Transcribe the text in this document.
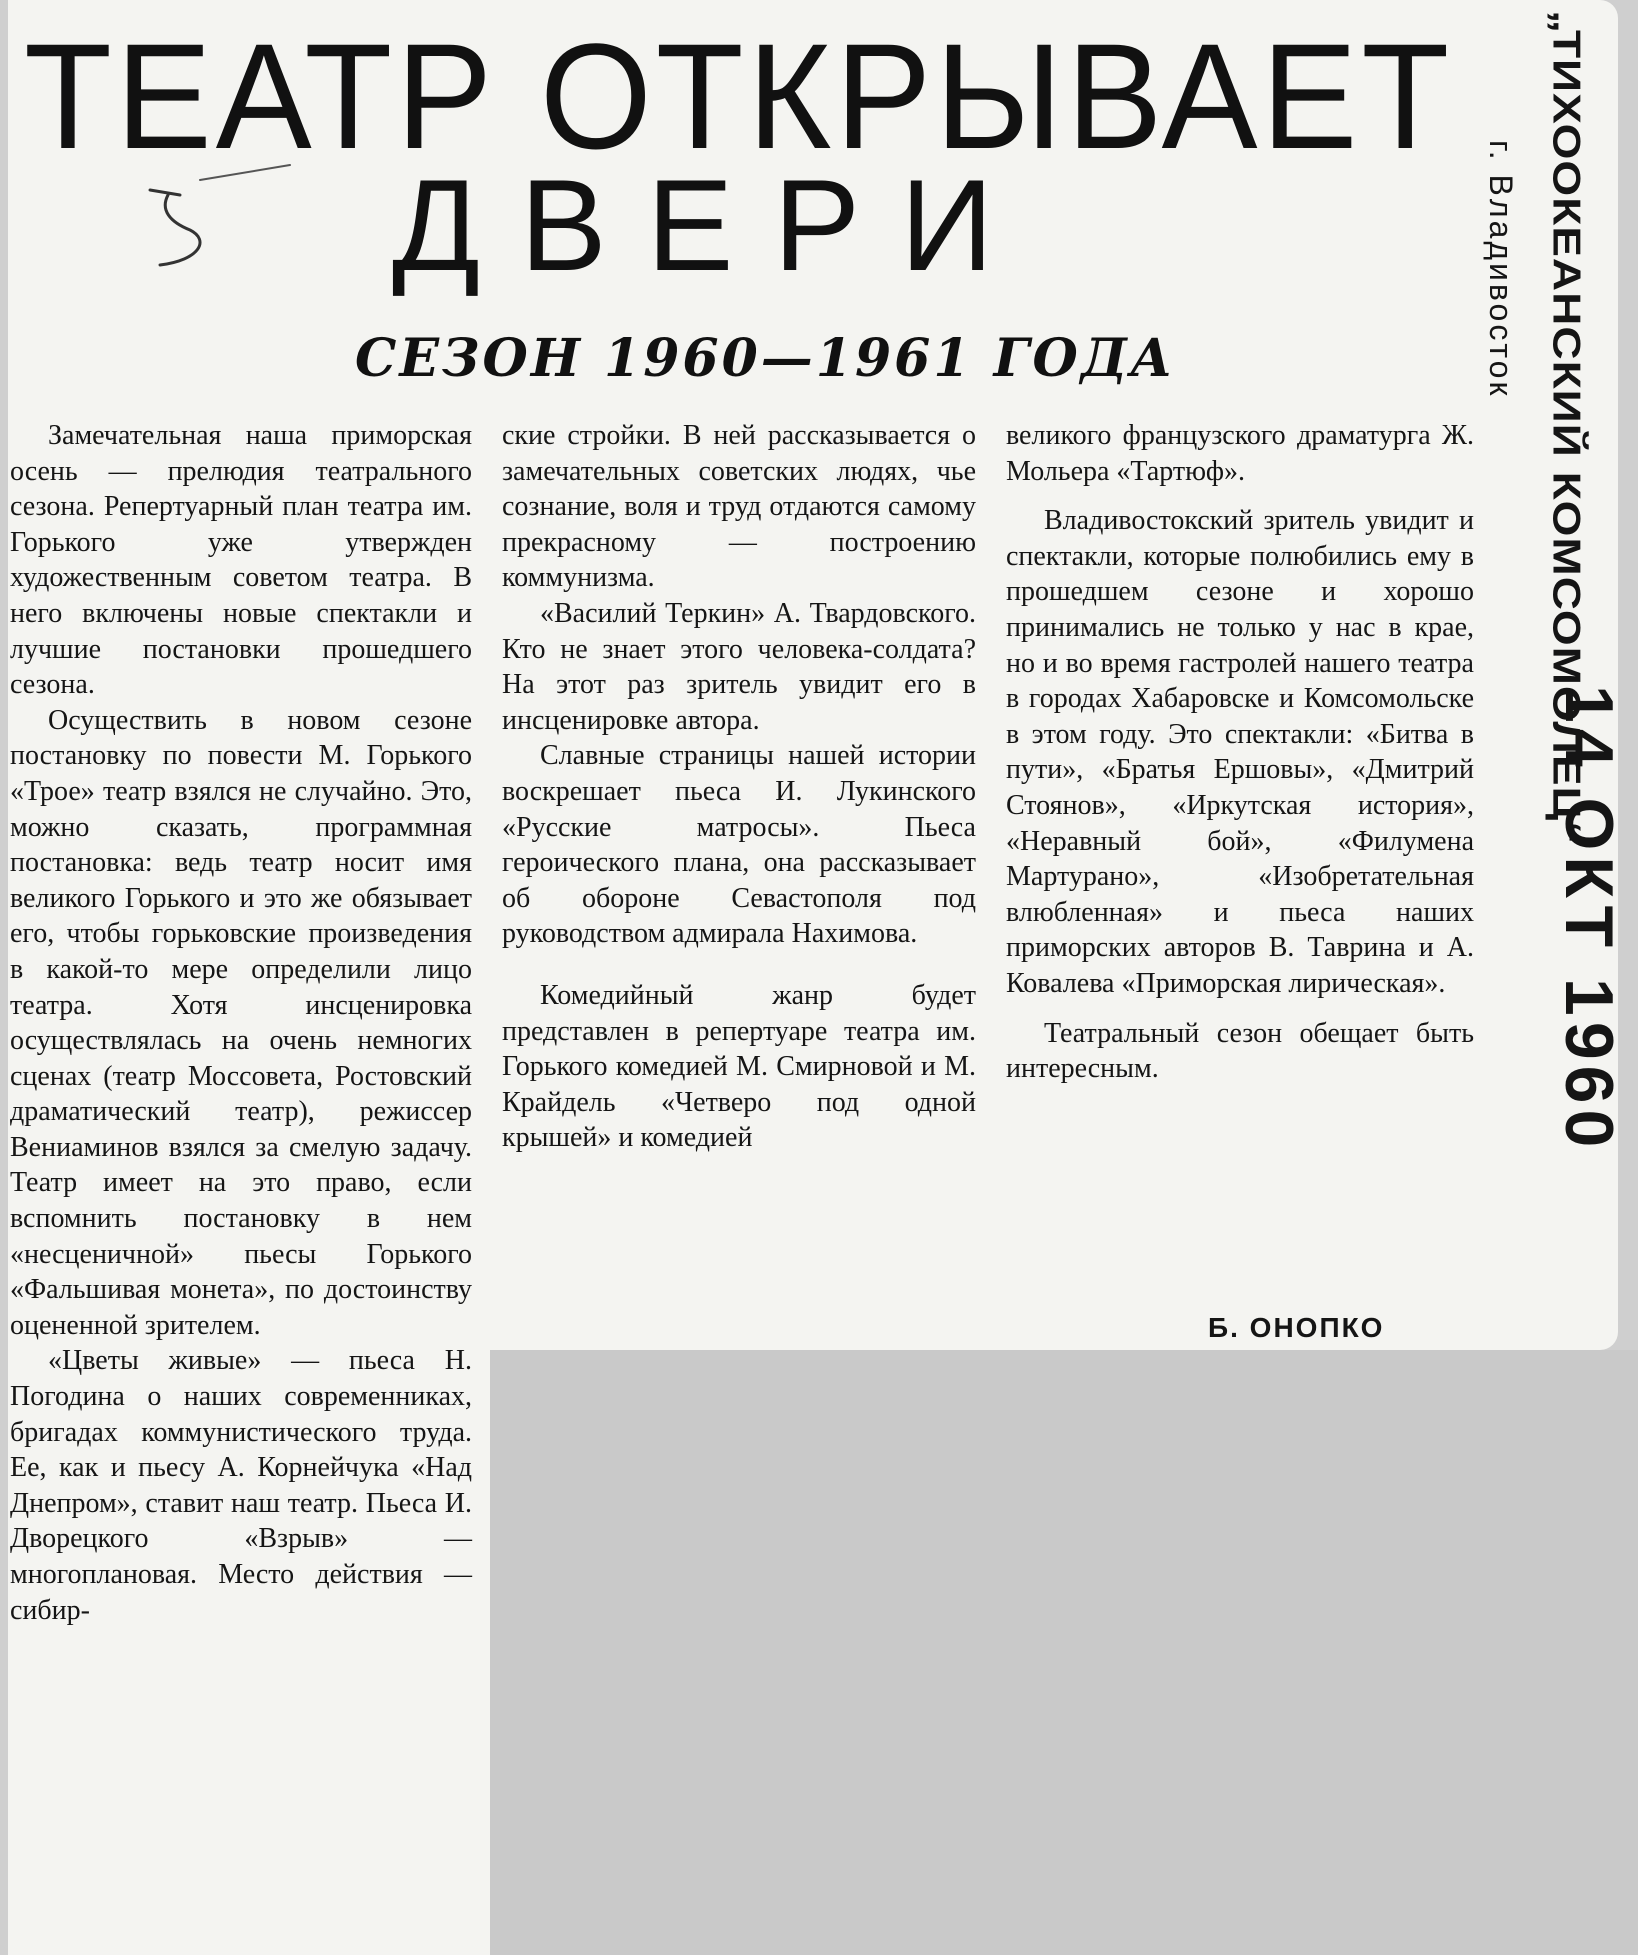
ТЕАТР ОТКРЫВАЕТ
ДВЕРИ
СЕЗОН 1960—1961 ГОДА

Замечательная наша приморская осень — прелюдия театрального сезона. Репертуарный план театра им. Горького уже утвержден художественным советом театра. В него включены новые спектакли и лучшие постановки прошедшего сезона.

Осуществить в новом сезоне постановку по повести М. Горького «Трое» театр взялся не случайно. Это, можно сказать, программная постановка: ведь театр носит имя великого Горького и это же обязывает его, чтобы горьковские произведения в какой-то мере определили лицо театра. Хотя инсценировка осуществлялась на очень немногих сценах (театр Моссовета, Ростовский драматический театр), режиссер Вениаминов взялся за смелую задачу. Театр имеет на это право, если вспомнить постановку в нем «несценичной» пьесы Горького «Фальшивая монета», по достоинству оцененной зрителем.

«Цветы живые» — пьеса Н. Погодина о наших современниках, бригадах коммунистического труда. Ее, как и пьесу А. Корнейчука «Над Днепром», ставит наш театр. Пьеса И. Дворецкого «Взрыв» — многоплановая. Место действия — сибир-

ские стройки. В ней рассказывается о замечательных советских людях, чье сознание, воля и труд отдаются самому прекрасному — построению коммунизма.

«Василий Теркин» А. Твардовского. Кто не знает этого человека-солдата? На этот раз зритель увидит его в инсценировке автора.

Славные страницы нашей истории воскрешает пьеса И. Лукинского «Русские матросы». Пьеса героического плана, она рассказывает об обороне Севастополя под руководством адмирала Нахимова.

Комедийный жанр будет представлен в репертуаре театра им. Горького комедией М. Смирновой и М. Крайдель «Четверо под одной крышей» и комедией

великого французского драматурга Ж. Мольера «Тартюф».

Владивостокский зритель увидит и спектакли, которые полюбились ему в прошедшем сезоне и хорошо принимались не только у нас в крае, но и во время гастролей нашего театра в городах Хабаровске и Комсомольске в этом году. Это спектакли: «Битва в пути», «Братья Ершовы», «Дмитрий Стоянов», «Иркутская история», «Неравный бой», «Филумена Мартурано», «Изобретательная влюбленная» и пьеса наших приморских авторов В. Таврина и А. Ковалева «Приморская лирическая».

Театральный сезон обещает быть интересным.

Б. ОНОПКО
„ТИХООКЕАНСКИЙ КОМСОМОЛЕЦ“
г. Владивосток
14 ОКТ 1960
